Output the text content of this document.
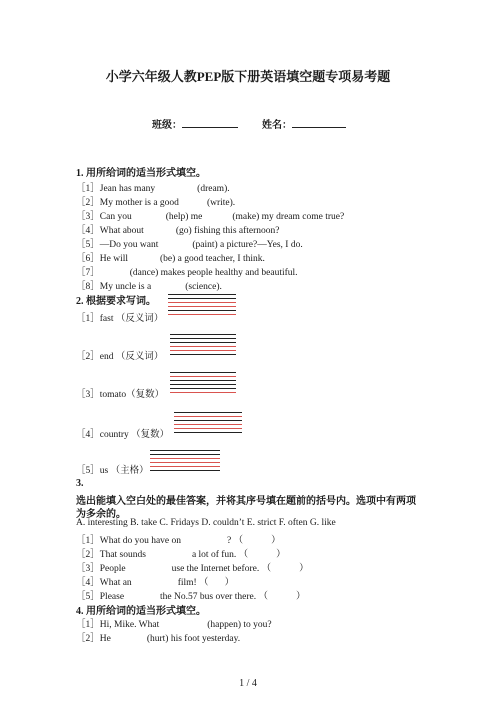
小学六年级人教PEP版下册英语填空题专项易考题
班级：	姓名：
1. 用所给词的适当形式填空。
［1］Jean has many	(dream).
［2］My mother is a good	(write).
［3］Can you	(help) me	(make) my dream come true?
［4］What about	(go) fishing this afternoon?
［5］—Do you want	(paint) a picture?—Yes, I do.
［6］He will	(be) a good teacher, I think.
［7］	(dance) makes people healthy and beautiful.
［8］My uncle is a	(science).
2. 根据要求写词。
［1］fast （反义词）
［2］end （反义词）
［3］tomato（复数）
［4］country （复数）
［5］us （主格）
3.
选出能填入空白处的最佳答案，并将其序号填在题前的括号内。选项中有两项
为多余的。
A. interesting B. take C. Fridays D. couldn’t E. strict F. often G. like
［1］What do you have on	? （	）
［2］That sounds	a lot of fun. （	）
［3］People	use the Internet before. （	）
［4］What an	film! （ ）
［5］Please	the No.57 bus over there. （	）
4. 用所给词的适当形式填空。
［1］Hi, Mike. What	(happen) to you?
［2］He	(hurt) his foot yesterday.
1 / 4
